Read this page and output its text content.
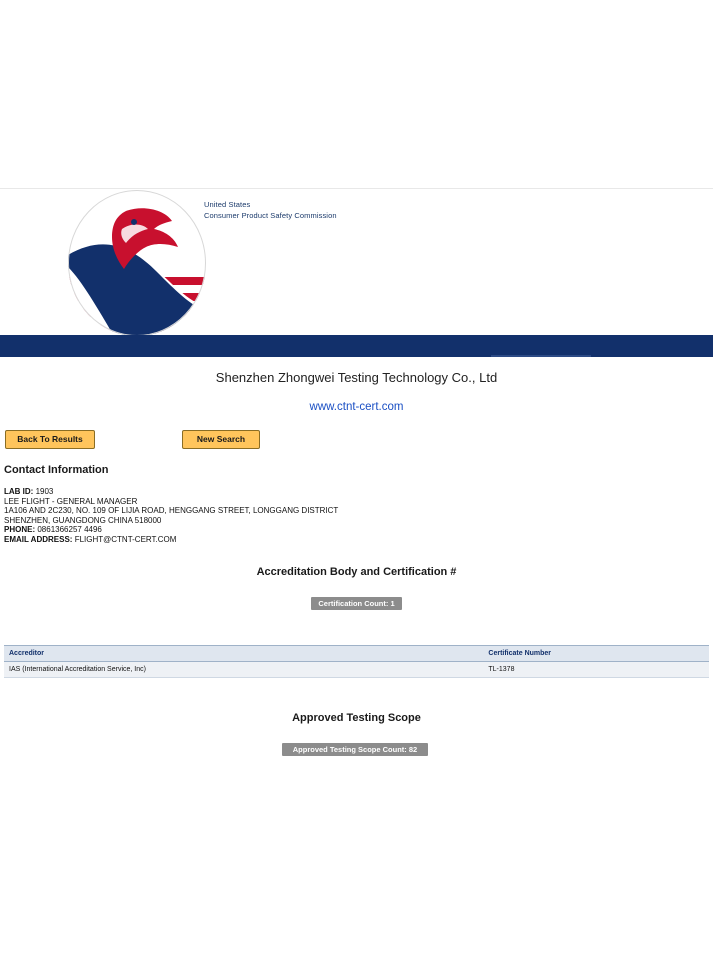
United States
Consumer Product Safety Commission
Shenzhen Zhongwei Testing Technology Co., Ltd
www.ctnt-cert.com
Back To Results	New Search
Contact Information
LAB ID: 1903
LEE FLIGHT - GENERAL MANAGER
1A106 AND 2C230, NO. 109 OF LIJIA ROAD, HENGGANG STREET, LONGGANG DISTRICT
SHENZHEN, GUANGDONG CHINA 518000
PHONE: 0861366257 4496
EMAIL ADDRESS: FLIGHT@CTNT-CERT.COM
Accreditation Body and Certification #
Certification Count: 1
Accreditor	Certificate Number
IAS (International Accreditation Service, Inc)	TL-1378
Approved Testing Scope
Approved Testing Scope Count: 82
